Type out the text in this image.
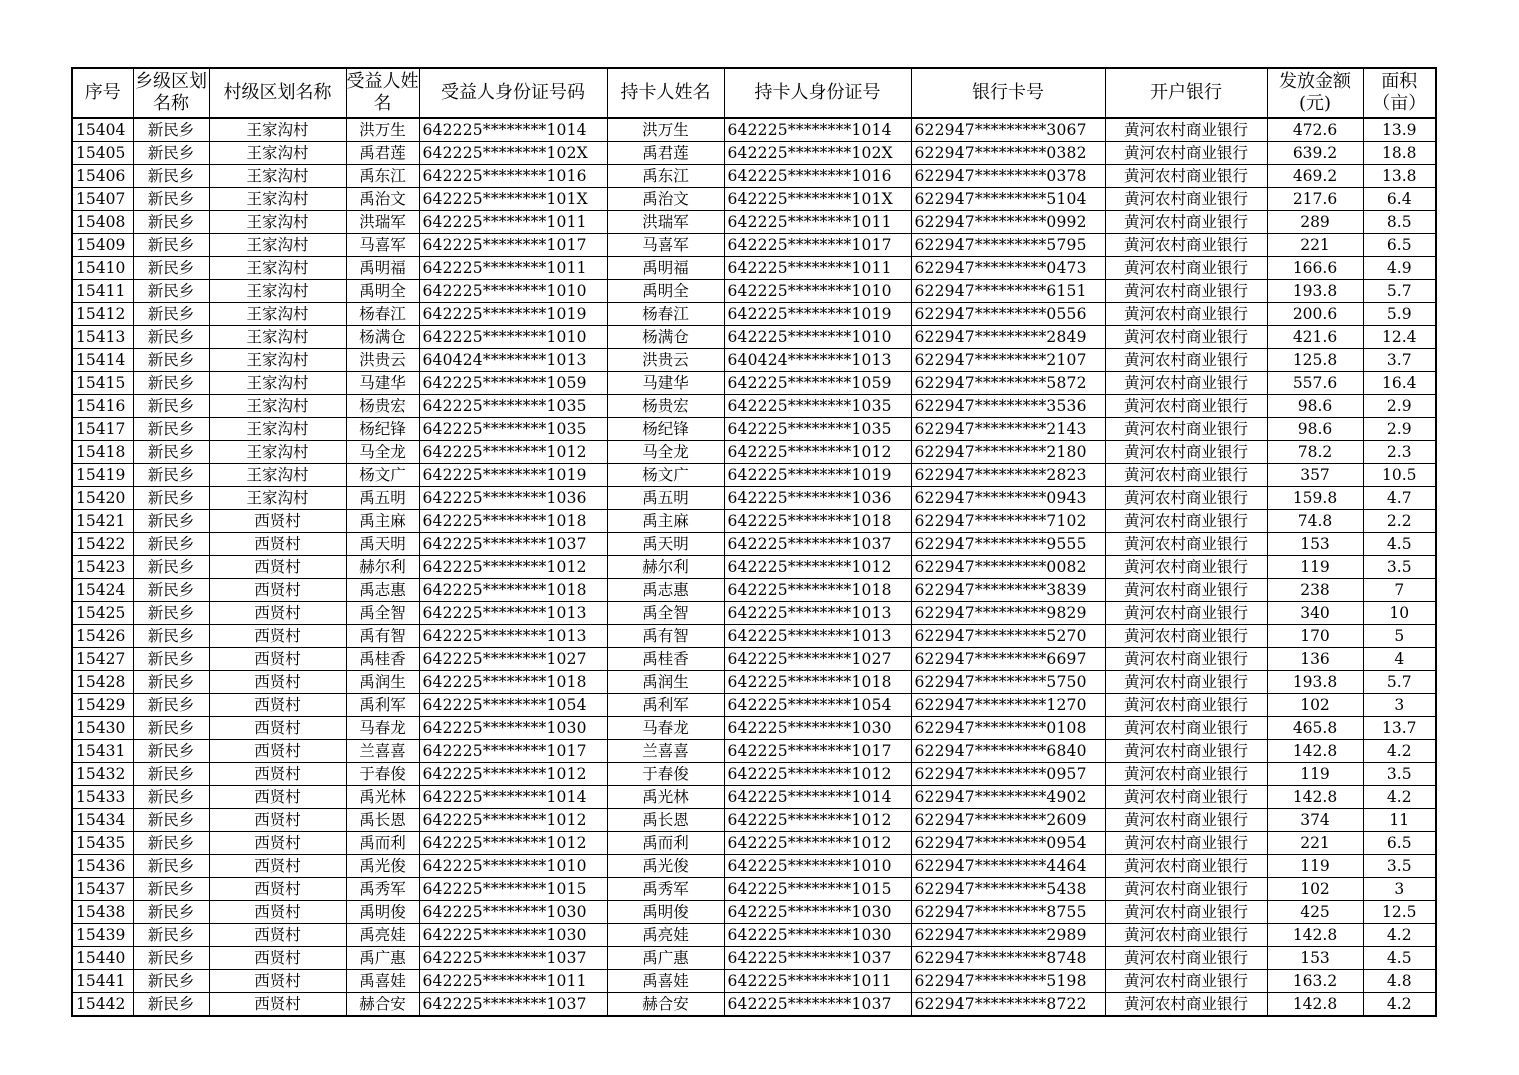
序号	乡级区划名称	村级区划名称	受益人姓名	受益人身份证号码	持卡人姓名	持卡人身份证号	银行卡号	开户银行	发放金额(元)	面积（亩）
15404	新民乡	王家沟村	洪万生	642225********1014	洪万生	642225********1014	622947*********3067	黄河农村商业银行	472.6	13.9
15405	新民乡	王家沟村	禹君莲	642225********102X	禹君莲	642225********102X	622947*********0382	黄河农村商业银行	639.2	18.8
15406	新民乡	王家沟村	禹东江	642225********1016	禹东江	642225********1016	622947*********0378	黄河农村商业银行	469.2	13.8
15407	新民乡	王家沟村	禹治文	642225********101X	禹治文	642225********101X	622947*********5104	黄河农村商业银行	217.6	6.4
15408	新民乡	王家沟村	洪瑞军	642225********1011	洪瑞军	642225********1011	622947*********0992	黄河农村商业银行	289	8.5
15409	新民乡	王家沟村	马喜军	642225********1017	马喜军	642225********1017	622947*********5795	黄河农村商业银行	221	6.5
15410	新民乡	王家沟村	禹明福	642225********1011	禹明福	642225********1011	622947*********0473	黄河农村商业银行	166.6	4.9
15411	新民乡	王家沟村	禹明全	642225********1010	禹明全	642225********1010	622947*********6151	黄河农村商业银行	193.8	5.7
15412	新民乡	王家沟村	杨春江	642225********1019	杨春江	642225********1019	622947*********0556	黄河农村商业银行	200.6	5.9
15413	新民乡	王家沟村	杨满仓	642225********1010	杨满仓	642225********1010	622947*********2849	黄河农村商业银行	421.6	12.4
15414	新民乡	王家沟村	洪贵云	640424********1013	洪贵云	640424********1013	622947*********2107	黄河农村商业银行	125.8	3.7
15415	新民乡	王家沟村	马建华	642225********1059	马建华	642225********1059	622947*********5872	黄河农村商业银行	557.6	16.4
15416	新民乡	王家沟村	杨贵宏	642225********1035	杨贵宏	642225********1035	622947*********3536	黄河农村商业银行	98.6	2.9
15417	新民乡	王家沟村	杨纪锋	642225********1035	杨纪锋	642225********1035	622947*********2143	黄河农村商业银行	98.6	2.9
15418	新民乡	王家沟村	马全龙	642225********1012	马全龙	642225********1012	622947*********2180	黄河农村商业银行	78.2	2.3
15419	新民乡	王家沟村	杨文广	642225********1019	杨文广	642225********1019	622947*********2823	黄河农村商业银行	357	10.5
15420	新民乡	王家沟村	禹五明	642225********1036	禹五明	642225********1036	622947*********0943	黄河农村商业银行	159.8	4.7
15421	新民乡	西贤村	禹主麻	642225********1018	禹主麻	642225********1018	622947*********7102	黄河农村商业银行	74.8	2.2
15422	新民乡	西贤村	禹天明	642225********1037	禹天明	642225********1037	622947*********9555	黄河农村商业银行	153	4.5
15423	新民乡	西贤村	赫尔利	642225********1012	赫尔利	642225********1012	622947*********0082	黄河农村商业银行	119	3.5
15424	新民乡	西贤村	禹志惠	642225********1018	禹志惠	642225********1018	622947*********3839	黄河农村商业银行	238	7
15425	新民乡	西贤村	禹全智	642225********1013	禹全智	642225********1013	622947*********9829	黄河农村商业银行	340	10
15426	新民乡	西贤村	禹有智	642225********1013	禹有智	642225********1013	622947*********5270	黄河农村商业银行	170	5
15427	新民乡	西贤村	禹桂香	642225********1027	禹桂香	642225********1027	622947*********6697	黄河农村商业银行	136	4
15428	新民乡	西贤村	禹润生	642225********1018	禹润生	642225********1018	622947*********5750	黄河农村商业银行	193.8	5.7
15429	新民乡	西贤村	禹利军	642225********1054	禹利军	642225********1054	622947*********1270	黄河农村商业银行	102	3
15430	新民乡	西贤村	马春龙	642225********1030	马春龙	642225********1030	622947*********0108	黄河农村商业银行	465.8	13.7
15431	新民乡	西贤村	兰喜喜	642225********1017	兰喜喜	642225********1017	622947*********6840	黄河农村商业银行	142.8	4.2
15432	新民乡	西贤村	于春俊	642225********1012	于春俊	642225********1012	622947*********0957	黄河农村商业银行	119	3.5
15433	新民乡	西贤村	禹光林	642225********1014	禹光林	642225********1014	622947*********4902	黄河农村商业银行	142.8	4.2
15434	新民乡	西贤村	禹长恩	642225********1012	禹长恩	642225********1012	622947*********2609	黄河农村商业银行	374	11
15435	新民乡	西贤村	禹而利	642225********1012	禹而利	642225********1012	622947*********0954	黄河农村商业银行	221	6.5
15436	新民乡	西贤村	禹光俊	642225********1010	禹光俊	642225********1010	622947*********4464	黄河农村商业银行	119	3.5
15437	新民乡	西贤村	禹秀军	642225********1015	禹秀军	642225********1015	622947*********5438	黄河农村商业银行	102	3
15438	新民乡	西贤村	禹明俊	642225********1030	禹明俊	642225********1030	622947*********8755	黄河农村商业银行	425	12.5
15439	新民乡	西贤村	禹亮娃	642225********1030	禹亮娃	642225********1030	622947*********2989	黄河农村商业银行	142.8	4.2
15440	新民乡	西贤村	禹广惠	642225********1037	禹广惠	642225********1037	622947*********8748	黄河农村商业银行	153	4.5
15441	新民乡	西贤村	禹喜娃	642225********1011	禹喜娃	642225********1011	622947*********5198	黄河农村商业银行	163.2	4.8
15442	新民乡	西贤村	赫合安	642225********1037	赫合安	642225********1037	622947*********8722	黄河农村商业银行	142.8	4.2
